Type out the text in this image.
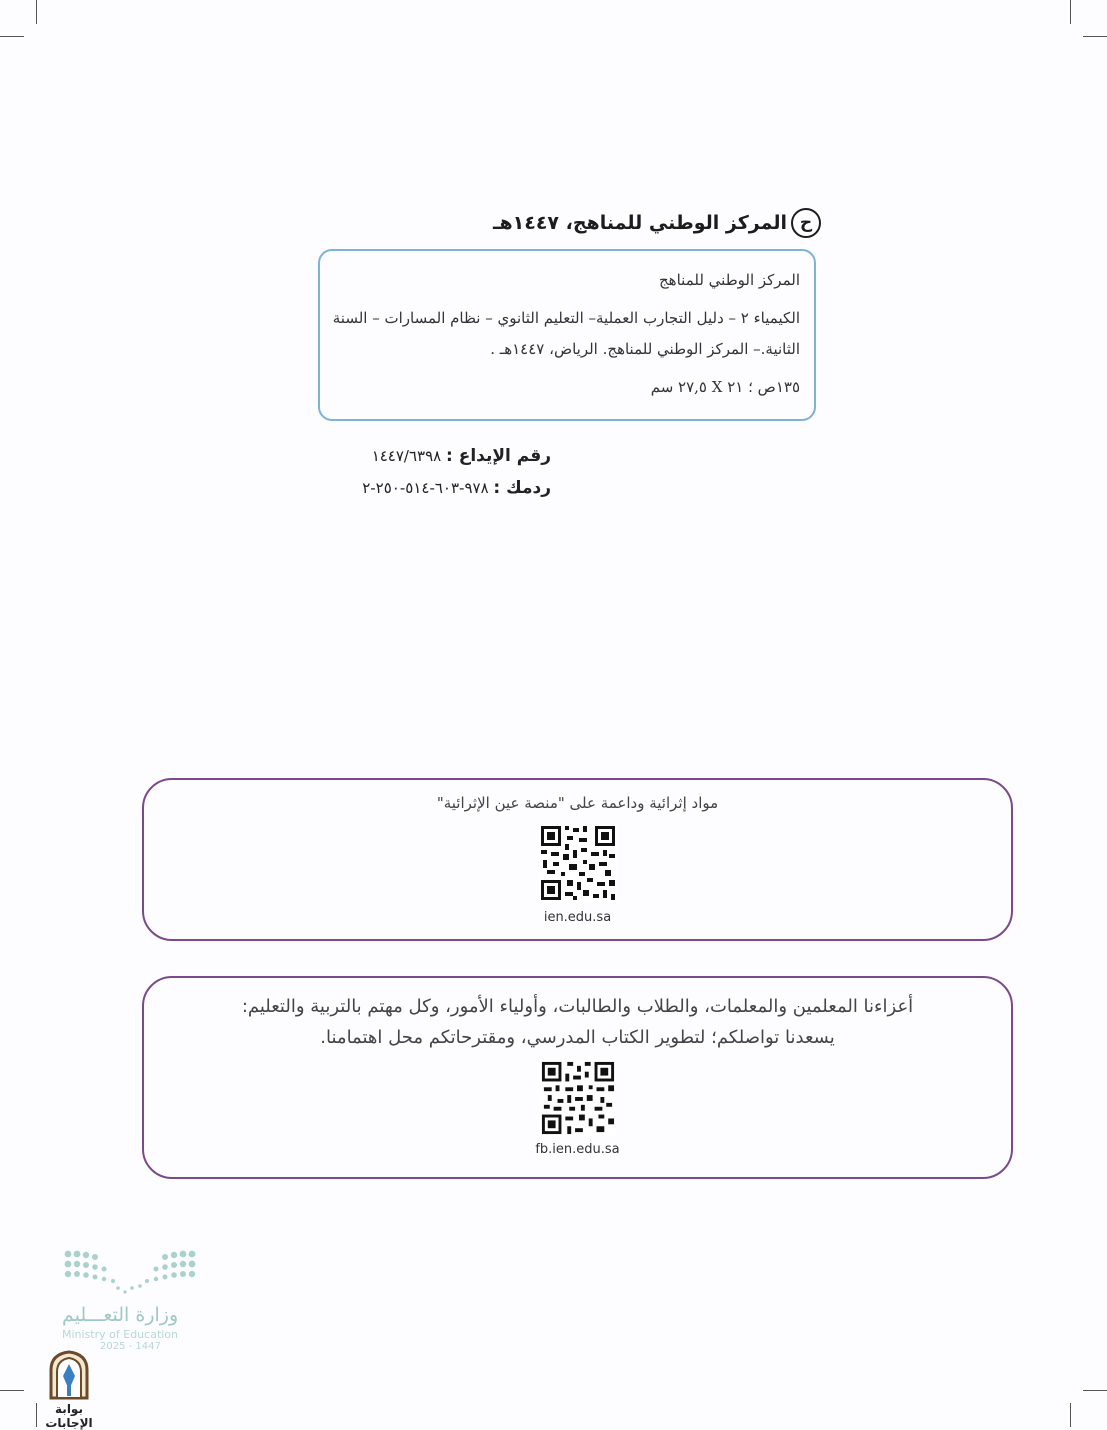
ح
المركز الوطني للمناهج، ١٤٤٧هـ
المركز الوطني للمناهج
الكيمياء ٢ – دليل التجارب العملية– التعليم الثانوي – نظام المسارات – السنة
الثانية.– المركز الوطني للمناهج. الرياض، ١٤٤٧هـ .
١٣٥ص ؛ ٢١ X ٢٧,٥ سم
رقم الإيداع : ١٤٤٧/٦٣٩٨
ردمك : ٩٧٨-٦٠٣-٥١٤-٢٥٠-٢
مواد إثرائية وداعمة على "منصة عين الإثرائية"
ien.edu.sa
أعزاءنا المعلمين والمعلمات، والطلاب والطالبات، وأولياء الأمور، وكل مهتم بالتربية والتعليم:
يسعدنا تواصلكم؛ لتطوير الكتاب المدرسي، ومقترحاتكم محل اهتمامنا.
fb.ien.edu.sa
وزارة التعـــليم
Ministry of Education
2025 - 1447
بوابة الإجابات
